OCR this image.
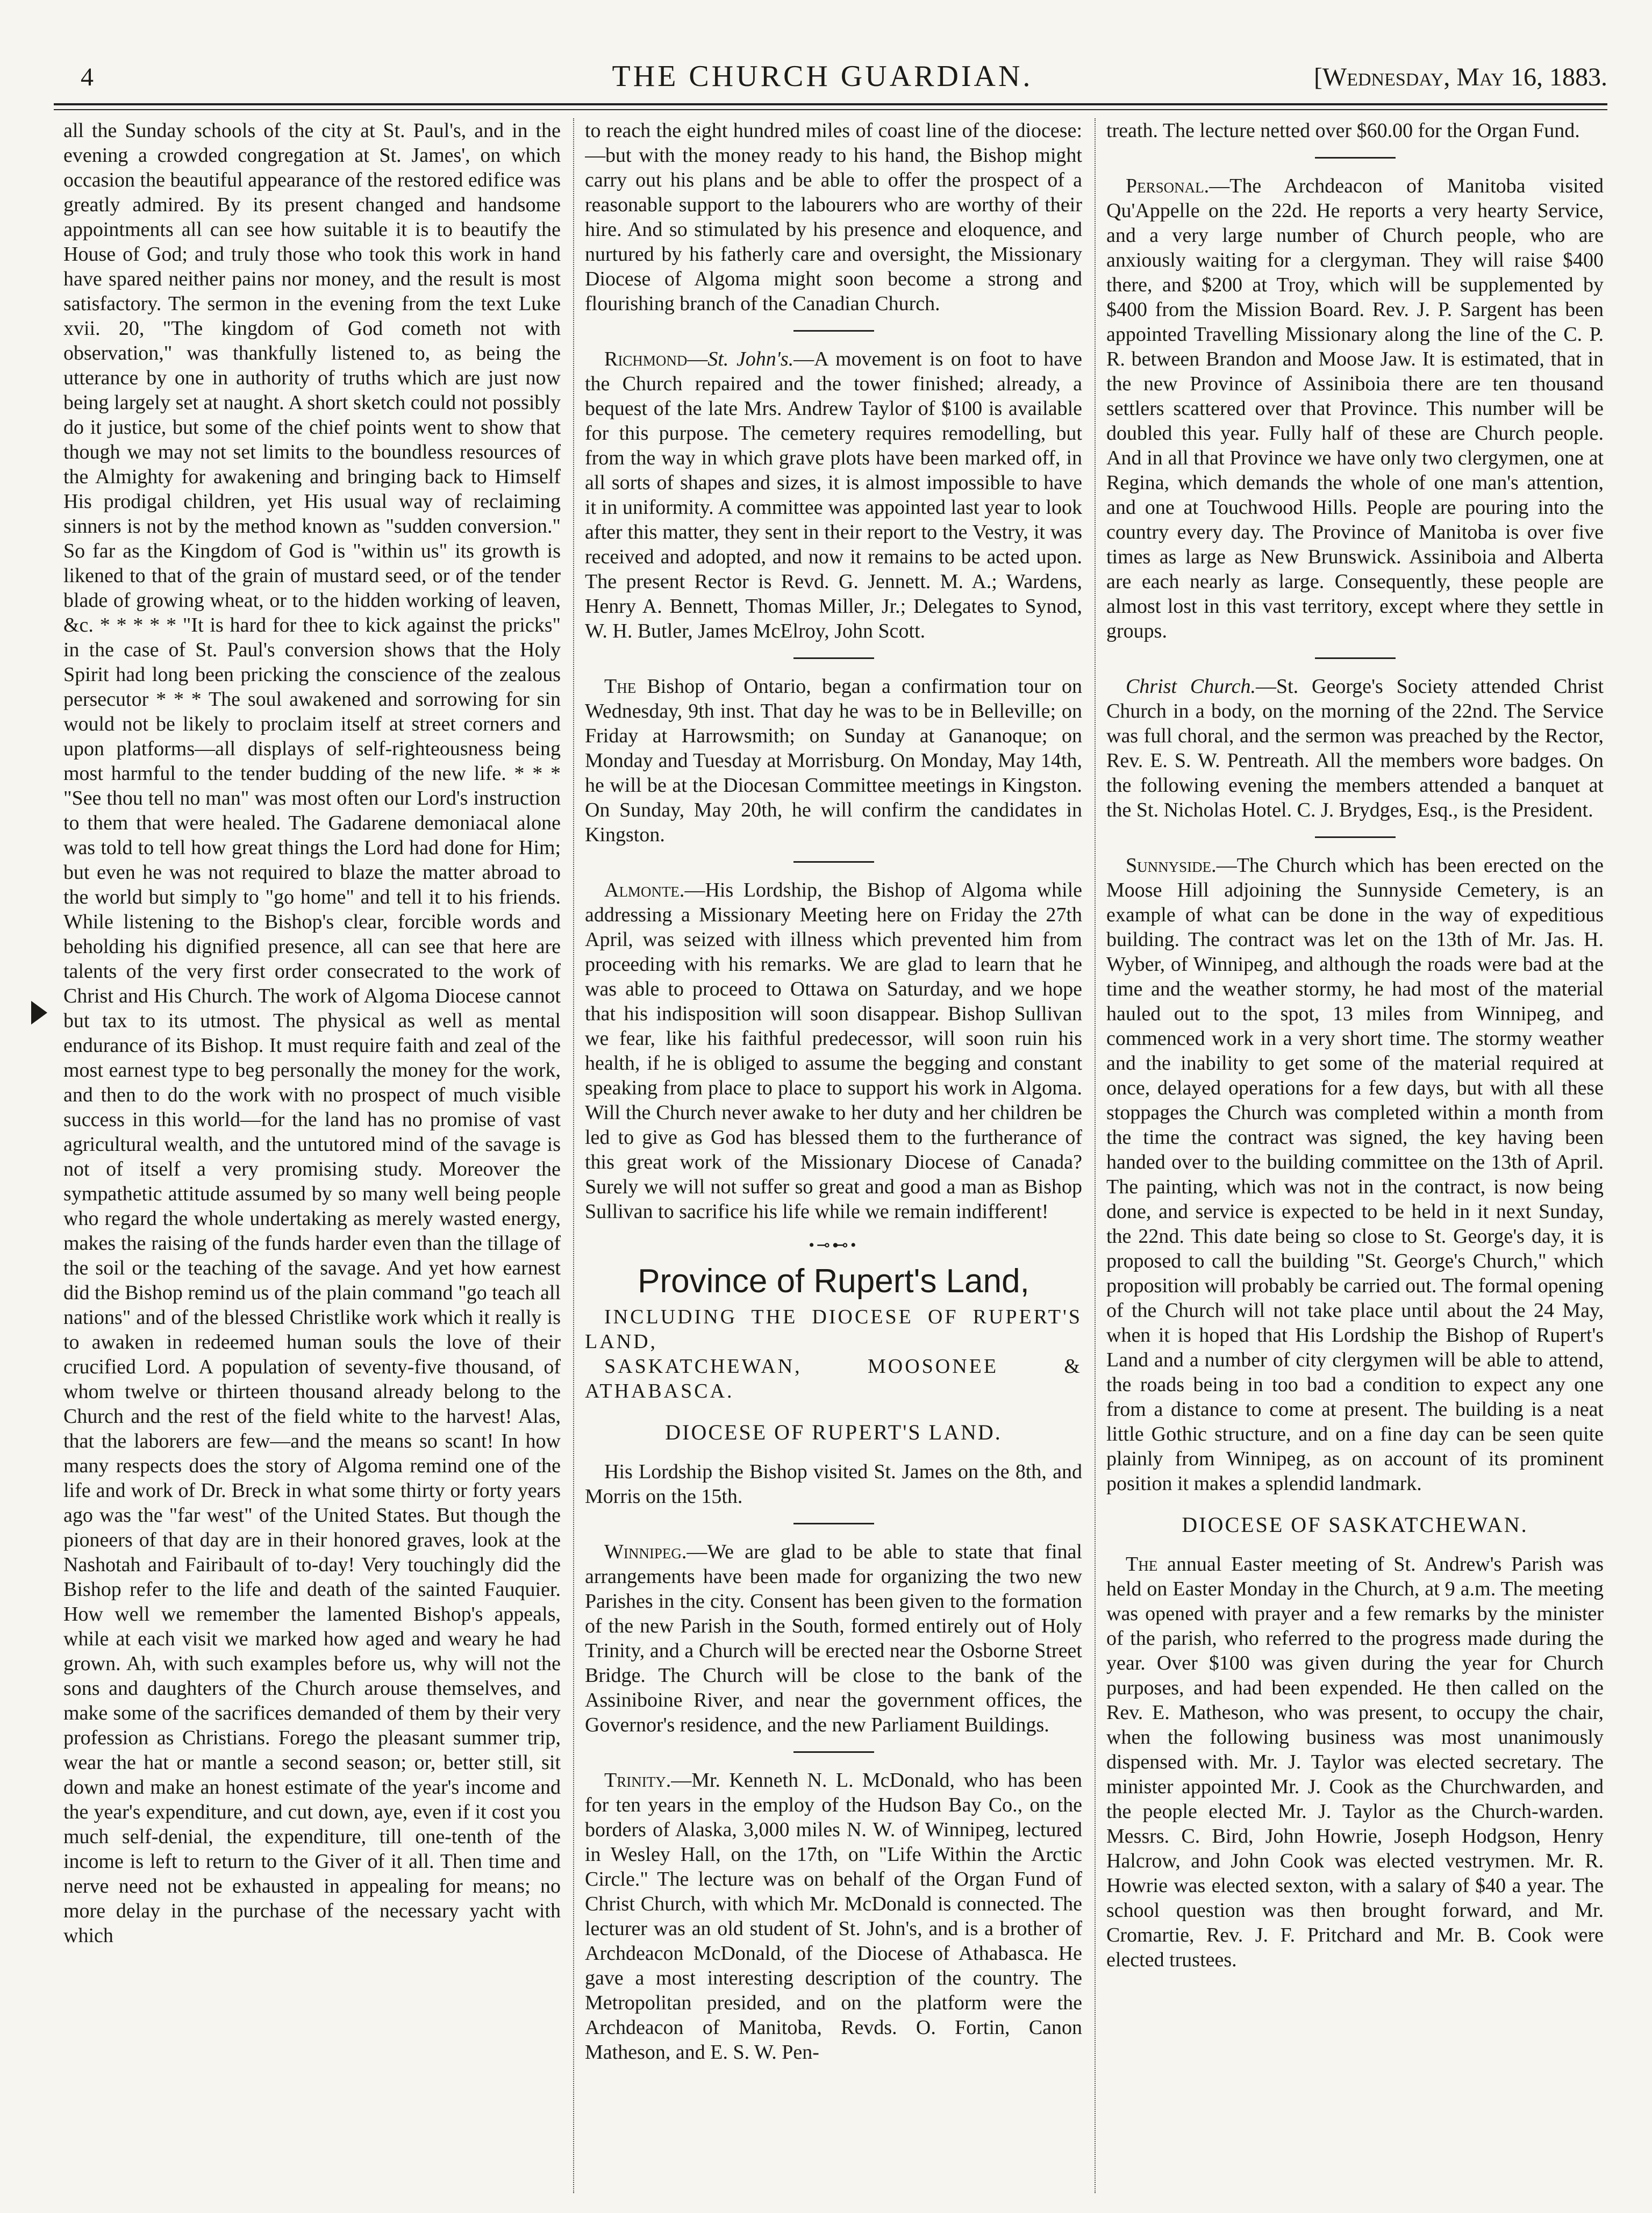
4	THE CHURCH GUARDIAN.	[Wednesday, May 16, 1883.

all the Sunday schools of the city at St. Paul's, and in the evening a crowded congregation at St. James', on which occasion the beautiful appearance of the restored edifice was greatly admired. By its present changed and handsome appointments all can see how suitable it is to beautify the House of God; and truly those who took this work in hand have spared neither pains nor money, and the result is most satisfactory. The sermon in the evening from the text Luke xvii. 20, "The kingdom of God cometh not with observation," was thankfully listened to, as being the utterance by one in authority of truths which are just now being largely set at naught. A short sketch could not possibly do it justice, but some of the chief points went to show that though we may not set limits to the boundless resources of the Almighty for awakening and bringing back to Himself His prodigal children, yet His usual way of reclaiming sinners is not by the method known as "sudden conversion." So far as the Kingdom of God is "within us" its growth is likened to that of the grain of mustard seed, or of the tender blade of growing wheat, or to the hidden working of leaven, &c. * * * * * "It is hard for thee to kick against the pricks" in the case of St. Paul's conversion shows that the Holy Spirit had long been pricking the conscience of the zealous persecutor * * * The soul awakened and sorrowing for sin would not be likely to proclaim itself at street corners and upon platforms—all displays of self-righteousness being most harmful to the tender budding of the new life. * * * "See thou tell no man" was most often our Lord's instruction to them that were healed. The Gadarene demoniacal alone was told to tell how great things the Lord had done for Him; but even he was not required to blaze the matter abroad to the world but simply to "go home" and tell it to his friends. While listening to the Bishop's clear, forcible words and beholding his dignified presence, all can see that here are talents of the very first order consecrated to the work of Christ and His Church. The work of Algoma Diocese cannot but tax to its utmost. The physical as well as mental endurance of its Bishop. It must require faith and zeal of the most earnest type to beg personally the money for the work, and then to do the work with no prospect of much visible success in this world—for the land has no promise of vast agricultural wealth, and the untutored mind of the savage is not of itself a very promising study. Moreover the sympathetic attitude assumed by so many well being people who regard the whole undertaking as merely wasted energy, makes the raising of the funds harder even than the tillage of the soil or the teaching of the savage. And yet how earnest did the Bishop remind us of the plain command "go teach all nations" and of the blessed Christlike work which it really is to awaken in redeemed human souls the love of their crucified Lord. A population of seventy-five thousand, of whom twelve or thirteen thousand already belong to the Church and the rest of the field white to the harvest! Alas, that the laborers are few—and the means so scant! In how many respects does the story of Algoma remind one of the life and work of Dr. Breck in what some thirty or forty years ago was the "far west" of the United States. But though the pioneers of that day are in their honored graves, look at the Nashotah and Fairibault of to-day! Very touchingly did the Bishop refer to the life and death of the sainted Fauquier. How well we remember the lamented Bishop's appeals, while at each visit we marked how aged and weary he had grown. Ah, with such examples before us, why will not the sons and daughters of the Church arouse themselves, and make some of the sacrifices demanded of them by their very profession as Christians. Forego the pleasant summer trip, wear the hat or mantle a second season; or, better still, sit down and make an honest estimate of the year's income and the year's expenditure, and cut down, aye, even if it cost you much self-denial, the expenditure, till one-tenth of the income is left to return to the Giver of it all. Then time and nerve need not be exhausted in appealing for means; no more delay in the purchase of the necessary yacht with which

to reach the eight hundred miles of coast line of the diocese:—but with the money ready to his hand, the Bishop might carry out his plans and be able to offer the prospect of a reasonable support to the labourers who are worthy of their hire. And so stimulated by his presence and eloquence, and nurtured by his fatherly care and oversight, the Missionary Diocese of Algoma might soon become a strong and flourishing branch of the Canadian Church.

Richmond—St. John's.—A movement is on foot to have the Church repaired and the tower finished; already, a bequest of the late Mrs. Andrew Taylor of $100 is available for this purpose. The cemetery requires remodelling, but from the way in which grave plots have been marked off, in all sorts of shapes and sizes, it is almost impossible to have it in uniformity. A committee was appointed last year to look after this matter, they sent in their report to the Vestry, it was received and adopted, and now it remains to be acted upon. The present Rector is Revd. G. Jennett. M. A.; Wardens, Henry A. Bennett, Thomas Miller, Jr.; Delegates to Synod, W. H. Butler, James McElroy, John Scott.

The Bishop of Ontario, began a confirmation tour on Wednesday, 9th inst. That day he was to be in Belleville; on Friday at Harrowsmith; on Sunday at Gananoque; on Monday and Tuesday at Morrisburg. On Monday, May 14th, he will be at the Diocesan Committee meetings in Kingston. On Sunday, May 20th, he will confirm the candidates in Kingston.

Almonte.—His Lordship, the Bishop of Algoma while addressing a Missionary Meeting here on Friday the 27th April, was seized with illness which prevented him from proceeding with his remarks. We are glad to learn that he was able to proceed to Ottawa on Saturday, and we hope that his indisposition will soon disappear. Bishop Sullivan we fear, like his faithful predecessor, will soon ruin his health, if he is obliged to assume the begging and constant speaking from place to place to support his work in Algoma. Will the Church never awake to her duty and her children be led to give as God has blessed them to the furtherance of this great work of the Missionary Diocese of Canada? Surely we will not suffer so great and good a man as Bishop Sullivan to sacrifice his life while we remain indifferent!

•⊸⊷•
Province of Rupert's Land,

INCLUDING THE DIOCESE OF RUPERT'S LAND,

SASKATCHEWAN, MOOSONEE & ATHABASCA.

DIOCESE OF RUPERT'S LAND.

His Lordship the Bishop visited St. James on the 8th, and Morris on the 15th.

Winnipeg.—We are glad to be able to state that final arrangements have been made for organizing the two new Parishes in the city. Consent has been given to the formation of the new Parish in the South, formed entirely out of Holy Trinity, and a Church will be erected near the Osborne Street Bridge. The Church will be close to the bank of the Assiniboine River, and near the government offices, the Governor's residence, and the new Parliament Buildings.

Trinity.—Mr. Kenneth N. L. McDonald, who has been for ten years in the employ of the Hudson Bay Co., on the borders of Alaska, 3,000 miles N. W. of Winnipeg, lectured in Wesley Hall, on the 17th, on "Life Within the Arctic Circle." The lecture was on behalf of the Organ Fund of Christ Church, with which Mr. McDonald is connected. The lecturer was an old student of St. John's, and is a brother of Archdeacon McDonald, of the Diocese of Athabasca. He gave a most interesting description of the country. The Metropolitan presided, and on the platform were the Archdeacon of Manitoba, Revds. O. Fortin, Canon Matheson, and E. S. W. Pen-

treath. The lecture netted over $60.00 for the Organ Fund.

Personal.—The Archdeacon of Manitoba visited Qu'Appelle on the 22d. He reports a very hearty Service, and a very large number of Church people, who are anxiously waiting for a clergyman. They will raise $400 there, and $200 at Troy, which will be supplemented by $400 from the Mission Board. Rev. J. P. Sargent has been appointed Travelling Missionary along the line of the C. P. R. between Brandon and Moose Jaw. It is estimated, that in the new Province of Assiniboia there are ten thousand settlers scattered over that Province. This number will be doubled this year. Fully half of these are Church people. And in all that Province we have only two clergymen, one at Regina, which demands the whole of one man's attention, and one at Touchwood Hills. People are pouring into the country every day. The Province of Manitoba is over five times as large as New Brunswick. Assiniboia and Alberta are each nearly as large. Consequently, these people are almost lost in this vast territory, except where they settle in groups.

Christ Church.—St. George's Society attended Christ Church in a body, on the morning of the 22nd. The Service was full choral, and the sermon was preached by the Rector, Rev. E. S. W. Pentreath. All the members wore badges. On the following evening the members attended a banquet at the St. Nicholas Hotel. C. J. Brydges, Esq., is the President.

Sunnyside.—The Church which has been erected on the Moose Hill adjoining the Sunnyside Cemetery, is an example of what can be done in the way of expeditious building. The contract was let on the 13th of Mr. Jas. H. Wyber, of Winnipeg, and although the roads were bad at the time and the weather stormy, he had most of the material hauled out to the spot, 13 miles from Winnipeg, and commenced work in a very short time. The stormy weather and the inability to get some of the material required at once, delayed operations for a few days, but with all these stoppages the Church was completed within a month from the time the contract was signed, the key having been handed over to the building committee on the 13th of April. The painting, which was not in the contract, is now being done, and service is expected to be held in it next Sunday, the 22nd. This date being so close to St. George's day, it is proposed to call the building "St. George's Church," which proposition will probably be carried out. The formal opening of the Church will not take place until about the 24 May, when it is hoped that His Lordship the Bishop of Rupert's Land and a number of city clergymen will be able to attend, the roads being in too bad a condition to expect any one from a distance to come at present. The building is a neat little Gothic structure, and on a fine day can be seen quite plainly from Winnipeg, as on account of its prominent position it makes a splendid landmark.

DIOCESE OF SASKATCHEWAN.

The annual Easter meeting of St. Andrew's Parish was held on Easter Monday in the Church, at 9 a.m. The meeting was opened with prayer and a few remarks by the minister of the parish, who referred to the progress made during the year. Over $100 was given during the year for Church purposes, and had been expended. He then called on the Rev. E. Matheson, who was present, to occupy the chair, when the following business was most unanimously dispensed with. Mr. J. Taylor was elected secretary. The minister appointed Mr. J. Cook as the Churchwarden, and the people elected Mr. J. Taylor as the Church-warden. Messrs. C. Bird, John Howrie, Joseph Hodgson, Henry Halcrow, and John Cook was elected vestrymen. Mr. R. Howrie was elected sexton, with a salary of $40 a year. The school question was then brought forward, and Mr. Cromartie, Rev. J. F. Pritchard and Mr. B. Cook were elected trustees.
